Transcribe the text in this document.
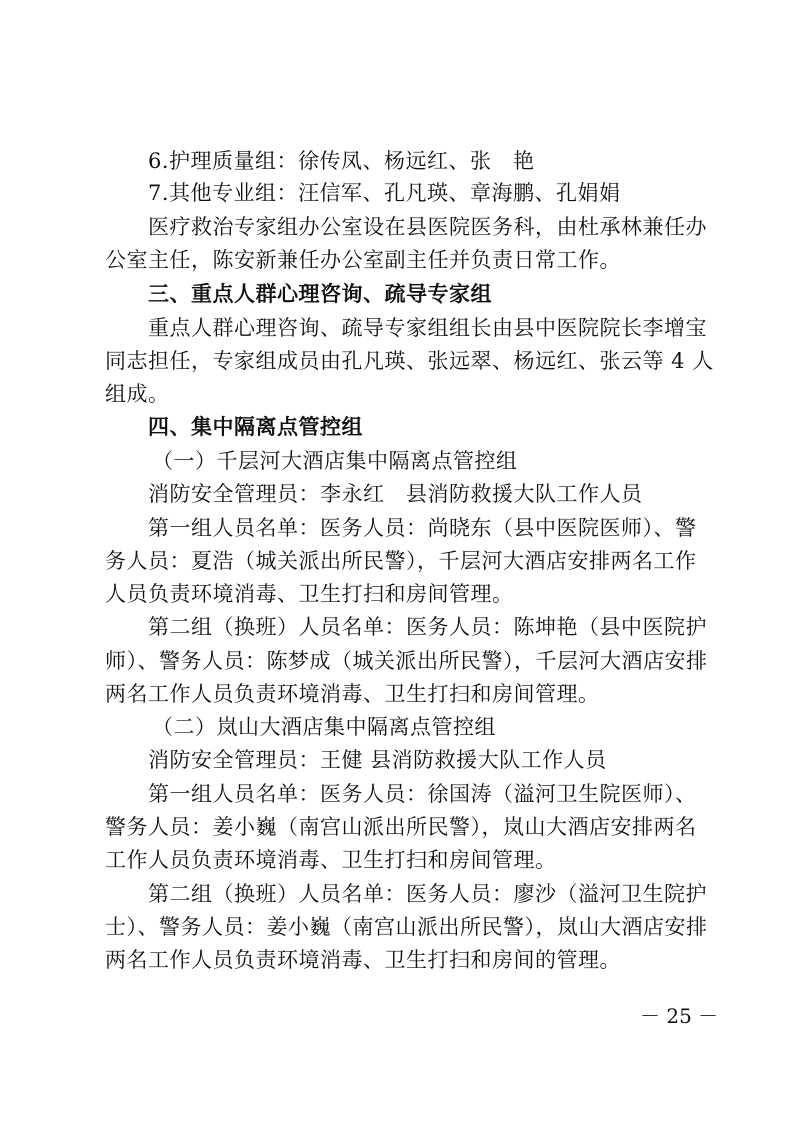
6.护理质量组：徐传凤、杨远红、张　艳
7.其他专业组：汪信军、孔凡瑛、章海鹏、孔娟娟
医疗救治专家组办公室设在县医院医务科，由杜承林兼任办
公室主任，陈安新兼任办公室副主任并负责日常工作。
三、重点人群心理咨询、疏导专家组
重点人群心理咨询、疏导专家组组长由县中医院院长李增宝
同志担任，专家组成员由孔凡瑛、张远翠、杨远红、张云等 4 人
组成。
四、集中隔离点管控组
（一）千层河大酒店集中隔离点管控组
消防安全管理员：李永红　县消防救援大队工作人员
第一组人员名单：医务人员：尚晓东（县中医院医师）、警
务人员：夏浩（城关派出所民警），千层河大酒店安排两名工作
人员负责环境消毒、卫生打扫和房间管理。
第二组（换班）人员名单：医务人员：陈坤艳（县中医院护
师）、警务人员：陈梦成（城关派出所民警），千层河大酒店安排
两名工作人员负责环境消毒、卫生打扫和房间管理。
（二）岚山大酒店集中隔离点管控组
消防安全管理员：王健 县消防救援大队工作人员
第一组人员名单：医务人员：徐国涛（溢河卫生院医师）、
警务人员：姜小巍（南宫山派出所民警），岚山大酒店安排两名
工作人员负责环境消毒、卫生打扫和房间管理。
第二组（换班）人员名单：医务人员：廖沙（溢河卫生院护
士）、警务人员：姜小巍（南宫山派出所民警），岚山大酒店安排
两名工作人员负责环境消毒、卫生打扫和房间的管理。
－ 25 －
